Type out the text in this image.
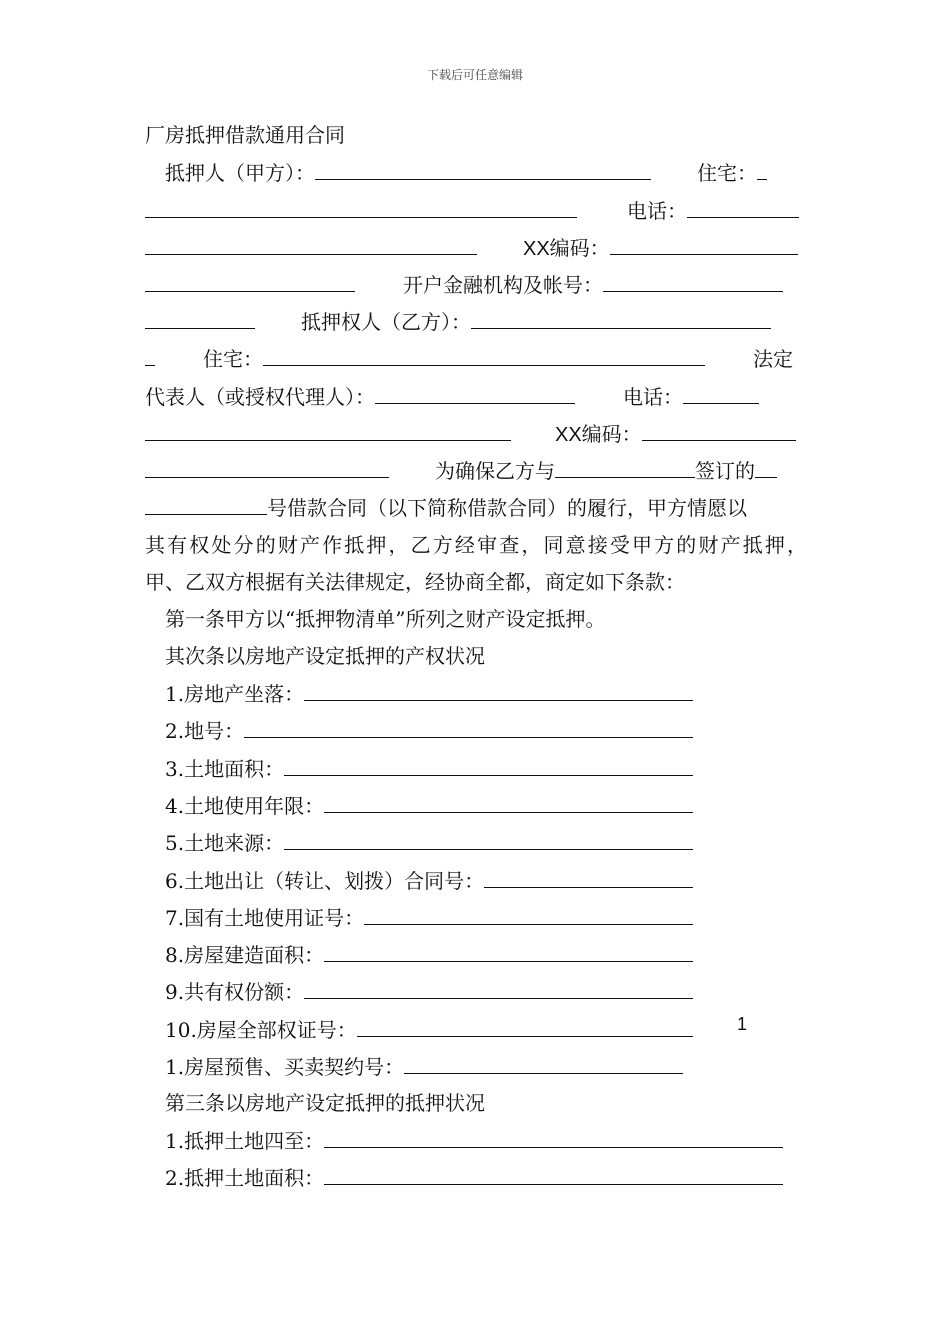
下载后可任意编辑
厂房抵押借款通用合同
抵押人（甲方）：	住宅：
电话：
XX编码：
开户金融机构及帐号：
抵押权人（乙方）：
住宅：	法定
代表人（或授权代理人）：	电话：
XX编码：
为确保乙方与	签订的
号借款合同（以下简称借款合同）的履行，甲方情愿以
其有权处分的财产作抵押，乙方经审查，同意接受甲方的财产抵押，
甲、乙双方根据有关法律规定，经协商全都，商定如下条款：
第一条甲方以“抵押物清单”所列之财产设定抵押。
其次条以房地产设定抵押的产权状况
1.房地产坐落：
2.地号：
3.土地面积：
4.土地使用年限：
5.土地来源：
6.土地出让（转让、划拨）合同号：
7.国有土地使用证号：
8.房屋建造面积：
9.共有权份额：
10.房屋全部权证号：
1.房屋预售、买卖契约号：
第三条以房地产设定抵押的抵押状况
1.抵押土地四至：
2.抵押土地面积：
1
